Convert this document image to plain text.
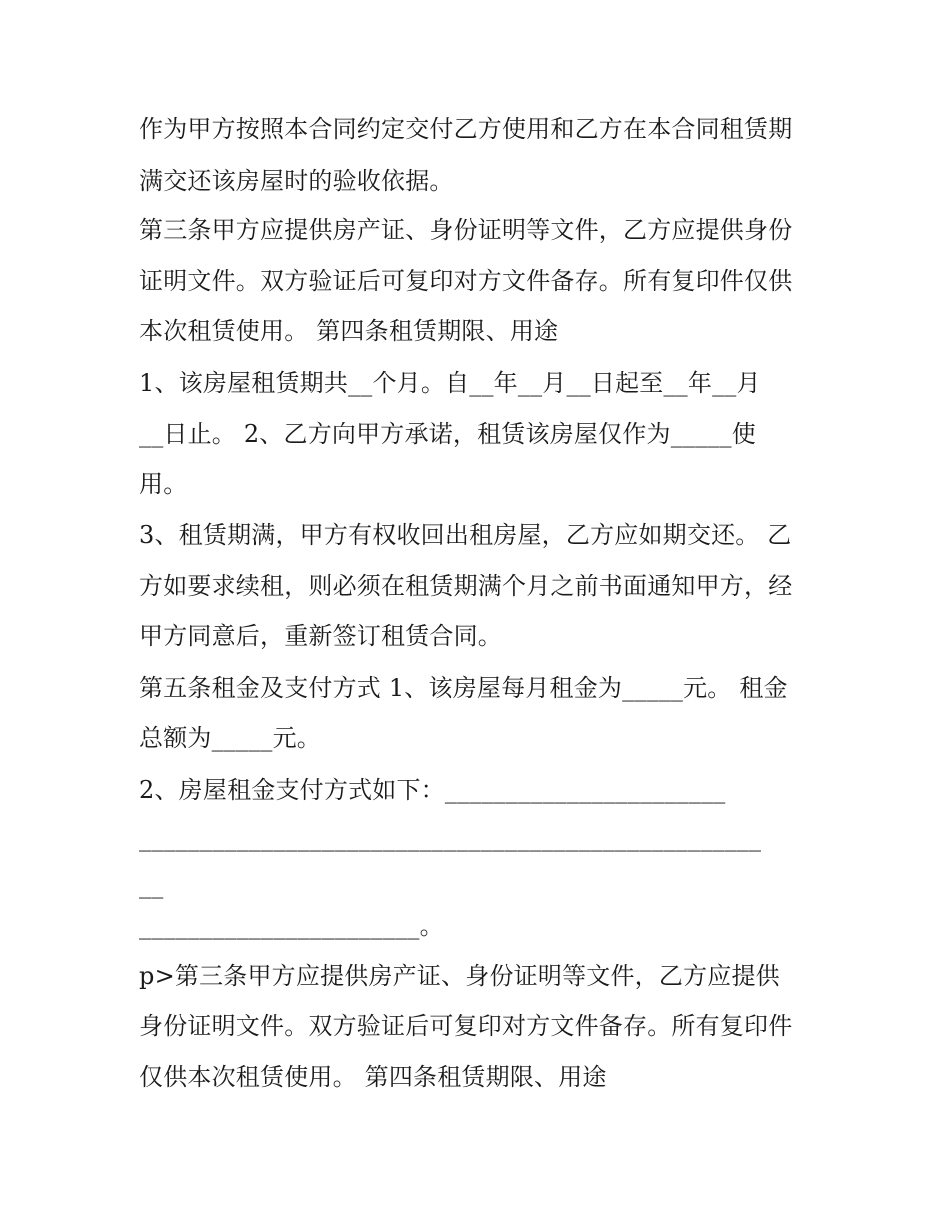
作为甲方按照本合同约定交付乙方使用和乙方在本合同租赁期
满交还该房屋时的验收依据。
第三条甲方应提供房产证、身份证明等文件，乙方应提供身份
证明文件。双方验证后可复印对方文件备存。所有复印件仅供
本次租赁使用。 第四条租赁期限、用途
1、该房屋租赁期共__个月。自__年__月__日起至__年__月
__日止。 2、乙方向甲方承诺，租赁该房屋仅作为_____使
用。
3、租赁期满，甲方有权收回出租房屋，乙方应如期交还。 乙
方如要求续租，则必须在租赁期满个月之前书面通知甲方，经
甲方同意后，重新签订租赁合同。
第五条租金及支付方式 1、该房屋每月租金为_____元。 租金
总额为_____元。
2、房屋租金支付方式如下：_______________________
___________________________________________________
__
_______________________。
p>第三条甲方应提供房产证、身份证明等文件，乙方应提供
身份证明文件。双方验证后可复印对方文件备存。所有复印件
仅供本次租赁使用。 第四条租赁期限、用途
